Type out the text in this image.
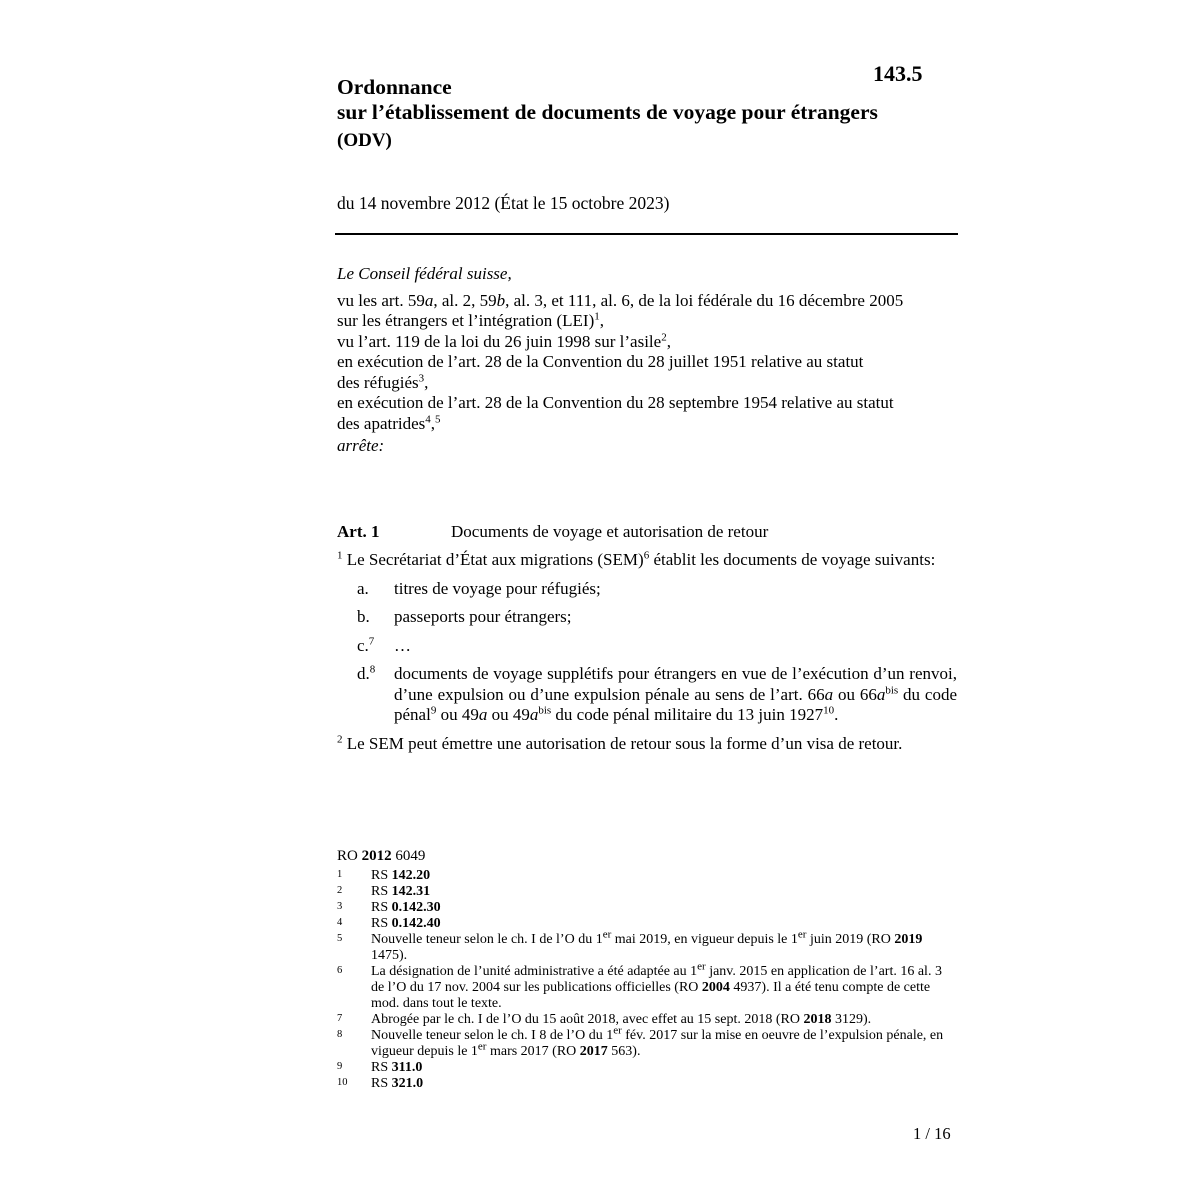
143.5
Ordonnance
sur l’établissement de documents de voyage pour étrangers
(ODV)
du 14 novembre 2012 (État le 15 octobre 2023)
Le Conseil fédéral suisse,
vu les art. 59a, al. 2, 59b, al. 3, et 111, al. 6, de la loi fédérale du 16 décembre 2005
sur les étrangers et l’intégration (LEI)$^1$,
vu l’art. 119 de la loi du 26 juin 1998 sur l’asile$^2$,
en exécution de l’art. 28 de la Convention du 28 juillet 1951 relative au statut
des réfugiés$^3$,
en exécution de l’art. 28 de la Convention du 28 septembre 1954 relative au statut
des apatrides$^4$,$^5$
arrête:
Art. 1	Documents de voyage et autorisation de retour
$^1$ Le Secrétariat d’État aux migrations (SEM)$^6$ établit les documents de voyage suivants:
a.	titres de voyage pour réfugiés;
b.	passeports pour étrangers;
c.$^7$	…
d.$^8$	documents de voyage supplétifs pour étrangers en vue de l’exécution d’un renvoi, d’une expulsion ou d’une expulsion pénale au sens de l’art. 66a ou $66a^{bis}$ du code pénal$^9$ ou 49a ou $49a^{bis}$ du code pénal militaire du 13 juin 1927$^{10}$.
$^2$ Le SEM peut émettre une autorisation de retour sous la forme d’un visa de retour.
RO 2012 6049
1	RS 142.20
2	RS 142.31
3	RS 0.142.30
4	RS 0.142.40
5	Nouvelle teneur selon le ch. I de l’O du 1er mai 2019, en vigueur depuis le 1er juin 2019 (RO 2019 1475).
6	La désignation de l’unité administrative a été adaptée au 1er janv. 2015 en application de l’art. 16 al. 3 de l’O du 17 nov. 2004 sur les publications officielles (RO 2004 4937). Il a été tenu compte de cette mod. dans tout le texte.
7	Abrogée par le ch. I de l’O du 15 août 2018, avec effet au 15 sept. 2018 (RO 2018 3129).
8	Nouvelle teneur selon le ch. I 8 de l’O du 1er fév. 2017 sur la mise en oeuvre de l’expulsion pénale, en vigueur depuis le 1er mars 2017 (RO 2017 563).
9	RS 311.0
10	RS 321.0
1 / 16
